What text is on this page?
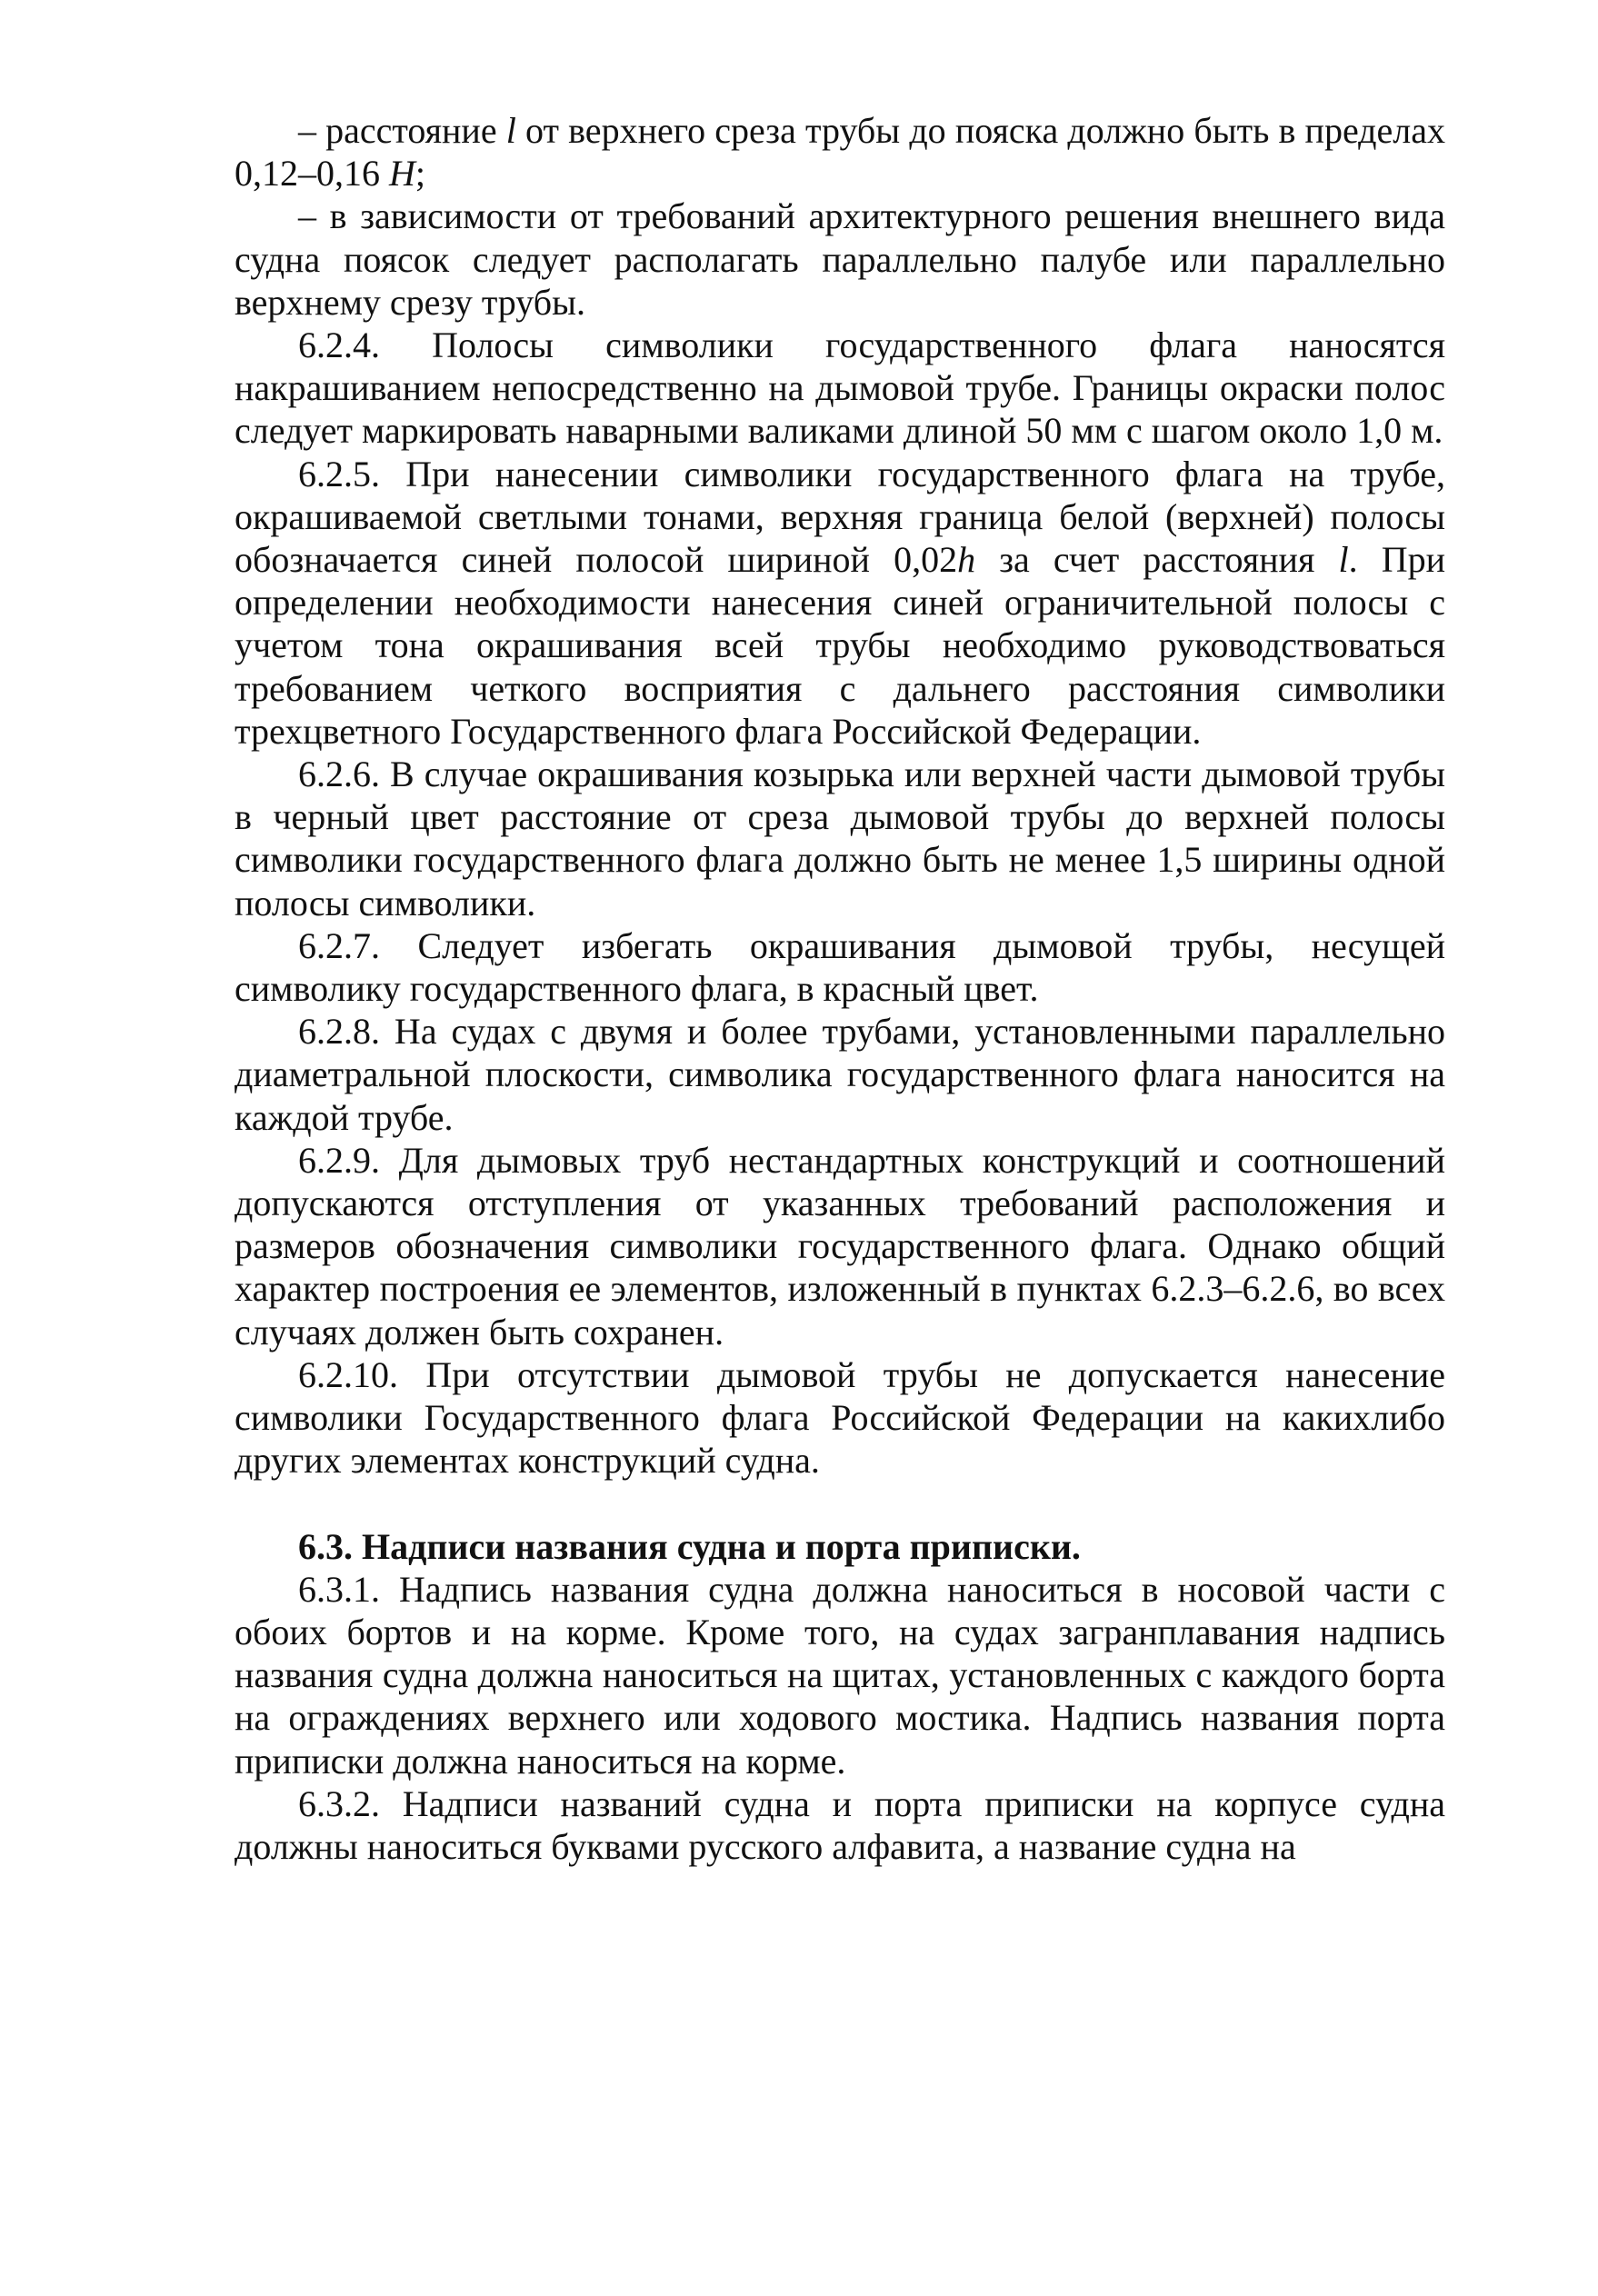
– расстояние l от верхнего среза трубы до пояска должно быть в пределах 0,12–0,16 H;

– в зависимости от требований архитектурного решения внешнего вида судна поясок следует располагать параллельно палубе или параллельно верхнему срезу трубы.

6.2.4. Полосы символики государственного флага наносятся накрашиванием непосредственно на дымовой трубе. Границы окраски полос следует маркировать наварными валиками длиной 50 мм с шагом около 1,0 м.

6.2.5. При нанесении символики государственного флага на трубе, окрашиваемой светлыми тонами, верхняя граница белой (верхней) полосы обозначается синей полосой шириной 0,02h за счет расстояния l. При определении необходимости нанесения синей ограничительной полосы с учетом тона окрашивания всей трубы необходимо руководствоваться требованием четкого восприятия с дальнего расстояния символики трехцветного Государственного флага Российской Федерации.

6.2.6. В случае окрашивания козырька или верхней части дымовой трубы в черный цвет расстояние от среза дымовой трубы до верхней полосы символики государственного флага должно быть не менее 1,5 ширины одной полосы символики.

6.2.7. Следует избегать окрашивания дымовой трубы, несущей символику государственного флага, в красный цвет.

6.2.8. На судах с двумя и более трубами, установленными параллельно диаметральной плоскости, символика государственного флага наносится на каждой трубе.

6.2.9. Для дымовых труб нестандартных конструкций и соотношений допускаются отступления от указанных требований расположения и размеров обозначения символики государственного флага. Однако общий характер построения ее элементов, изложенный в пунктах 6.2.3–6.2.6, во всех случаях должен быть сохранен.

6.2.10. При отсутствии дымовой трубы не допускается нанесение символики Государственного флага Российской Федерации на какихлибо других элементах конструкций судна.

6.3. Надписи названия судна и порта приписки.

6.3.1. Надпись названия судна должна наноситься в носовой части с обоих бортов и на корме. Кроме того, на судах загранплавания надпись названия судна должна наноситься на щитах, установленных с каждого борта на ограждениях верхнего или ходового мостика. Надпись названия порта приписки должна наноситься на корме.

6.3.2. Надписи названий судна и порта приписки на корпусе судна должны наноситься буквами русского алфавита, а название судна на
